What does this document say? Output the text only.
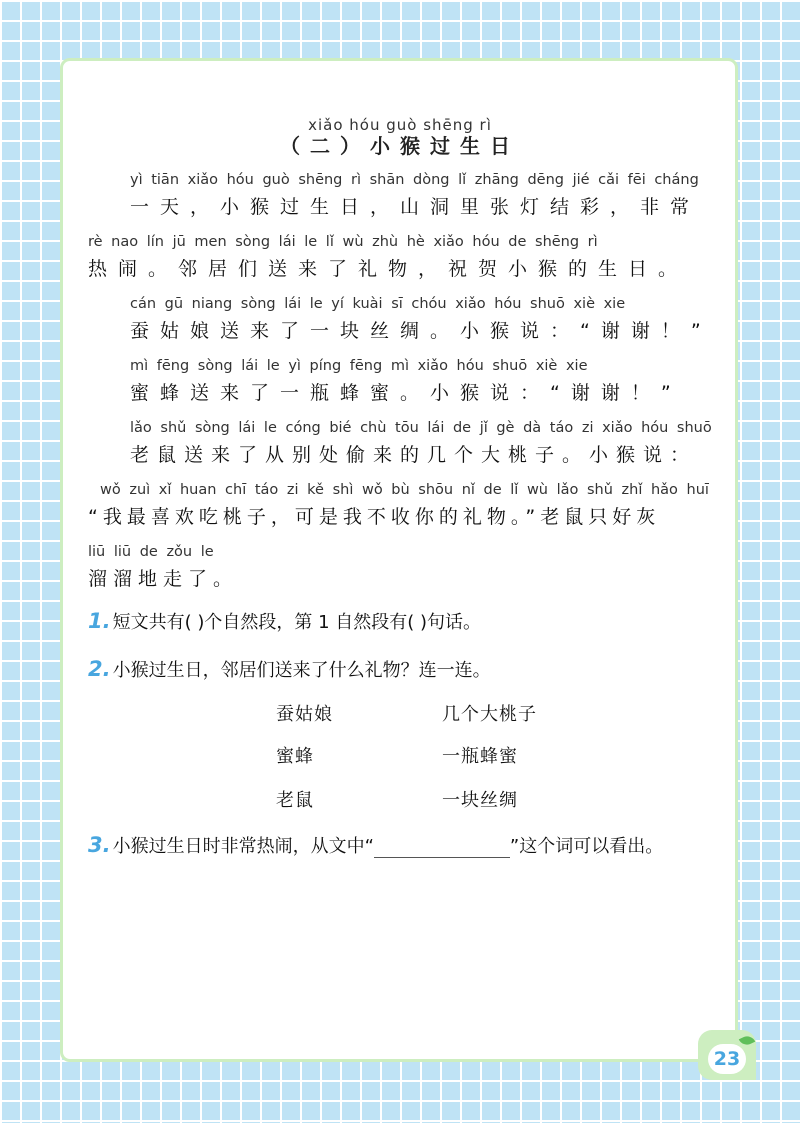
xiǎo hóu guò shēng rì
（二）小猴过生日
yì tiān xiǎo hóu guò shēng rì shān dòng lǐ zhāng dēng jié cǎi fēi cháng
一天，小猴过生日，山洞里张灯结彩，非常
rè nao lín jū men sòng lái le lǐ wù zhù hè xiǎo hóu de shēng rì
热闹。邻居们送来了礼物，祝贺小猴的生日。
cán gū niang sòng lái le yí kuài sī chóu xiǎo hóu shuō xiè xie
蚕姑娘送来了一块丝绸。小猴说：“谢谢！”
mì fēng sòng lái le yì píng fēng mì xiǎo hóu shuō xiè xie
蜜蜂送来了一瓶蜂蜜。小猴说：“谢谢！”
lǎo shǔ sòng lái le cóng bié chù tōu lái de jǐ gè dà táo zi xiǎo hóu shuō
老鼠送来了从别处偷来的几个大桃子。小猴说：
wǒ zuì xǐ huan chī táo zi kě shì wǒ bù shōu nǐ de lǐ wù lǎo shǔ zhǐ hǎo huī
“我最喜欢吃桃子，可是我不收你的礼物。”老鼠只好灰
liū liū de zǒu le
溜溜地走了。
1. 短文共有( )个自然段，第 1 自然段有( )句话。
2. 小猴过生日，邻居们送来了什么礼物？连一连。
蚕姑娘
蜜蜂
老鼠
几个大桃子
一瓶蜂蜜
一块丝绸
3. 小猴过生日时非常热闹，从文中“	”这个词可以看出。
23
